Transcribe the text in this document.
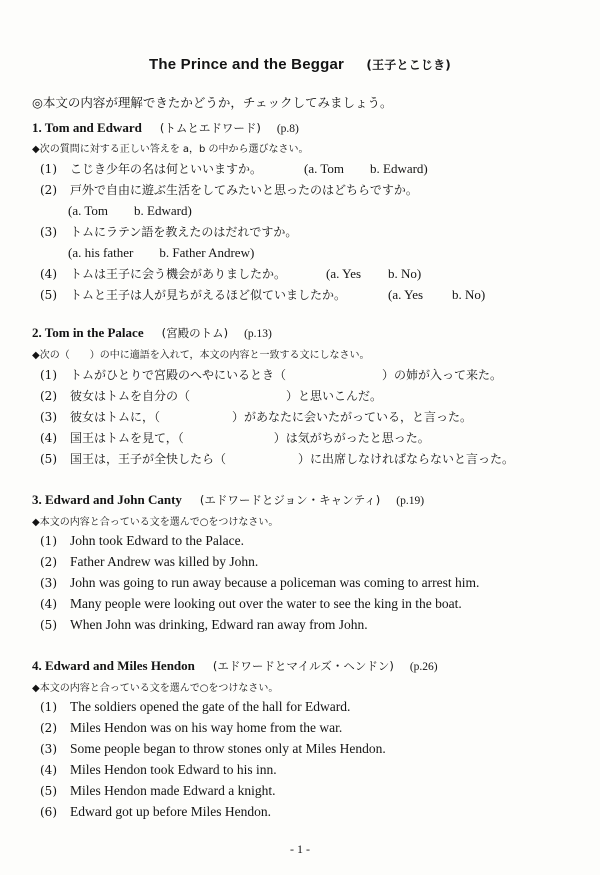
The Prince and the Beggar (王子とこじき)
◎本文の内容が理解できたかどうか，チェックしてみましょう。
1. Tom and Edward (トムとエドワード) (p.8)
◆次の質問に対する正しい答えを a，b の中から選びなさい。
(1) こじき少年の名は何といいますか。	(a. Tom b. Edward)
(2) 戸外で自由に遊ぶ生活をしてみたいと思ったのはどちらですか。
(a. Tom b. Edward)
(3) トムにラテン語を教えたのはだれですか。
(a. his father b. Father Andrew)
(4) トムは王子に会う機会がありましたか。	(a. Yes b. No)
(5) トムと王子は人が見ちがえるほど似ていましたか。	(a. Yes b. No)
2. Tom in the Palace (宮殿のトム) (p.13)
◆次の（　　）の中に適語を入れて，本文の内容と一致する文にしなさい。
(1) トムがひとりで宮殿のへやにいるとき（	）の姉が入って来た。
(2) 彼女はトムを自分の（	）と思いこんだ。
(3) 彼女はトムに，（	）があなたに会いたがっている，と言った。
(4) 国王はトムを見て，（	）は気がちがったと思った。
(5) 国王は，王子が全快したら（	）に出席しなければならないと言った。
3. Edward and John Canty (エドワードとジョン・キャンティ) (p.19)
◆本文の内容と合っている文を選んで○をつけなさい。
(1) John took Edward to the Palace.
(2) Father Andrew was killed by John.
(3) John was going to run away because a policeman was coming to arrest him.
(4) Many people were looking out over the water to see the king in the boat.
(5) When John was drinking, Edward ran away from John.
4. Edward and Miles Hendon (エドワードとマイルズ・ヘンドン) (p.26)
◆本文の内容と合っている文を選んで○をつけなさい。
(1) The soldiers opened the gate of the hall for Edward.
(2) Miles Hendon was on his way home from the war.
(3) Some people began to throw stones only at Miles Hendon.
(4) Miles Hendon took Edward to his inn.
(5) Miles Hendon made Edward a knight.
(6) Edward got up before Miles Hendon.
- 1 -
